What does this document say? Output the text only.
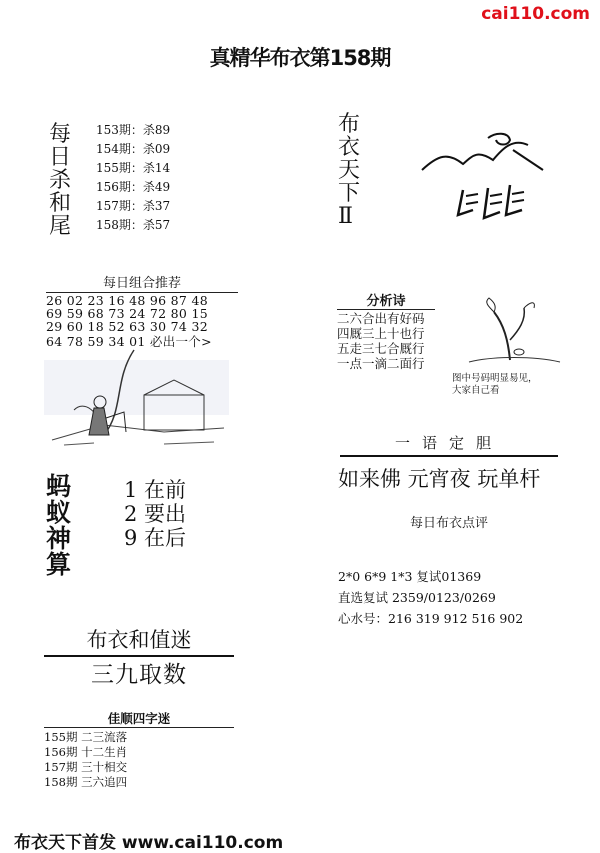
cai110.com
真精华布衣第158期
每
日
杀
和
尾
153期：杀89
154期：杀09
155期：杀14
156期：杀49
157期：杀37
158期：杀57
每日组合推荐
26 02 23 16 48 96 87 48
69 59 68 73 24 72 80 15
29 60 18 52 63 30 74 32
64 78 59 34 01 必出一个>
蚂
蚁
神
算
1 在前
2 要出
9 在后
布衣和值迷
三九取数
佳顺四字迷
155期 二三流落
156期 十二生肖
157期 三十相交
158期 三六追四
布衣天下首发 www.cai110.com
布
衣
天
下
Ⅱ
分析诗
二六合出有好码
四厩三上十也行
五走三七合厩行
一点一滴二面行
图中号码明显易见，
大家自己看
一语定胆
如来佛 元宵夜 玩单杆
每日布衣点评
2*0 6*9 1*3 复试01369
直选复试 2359/0123/0269
心水号：216 319 912 516 902
